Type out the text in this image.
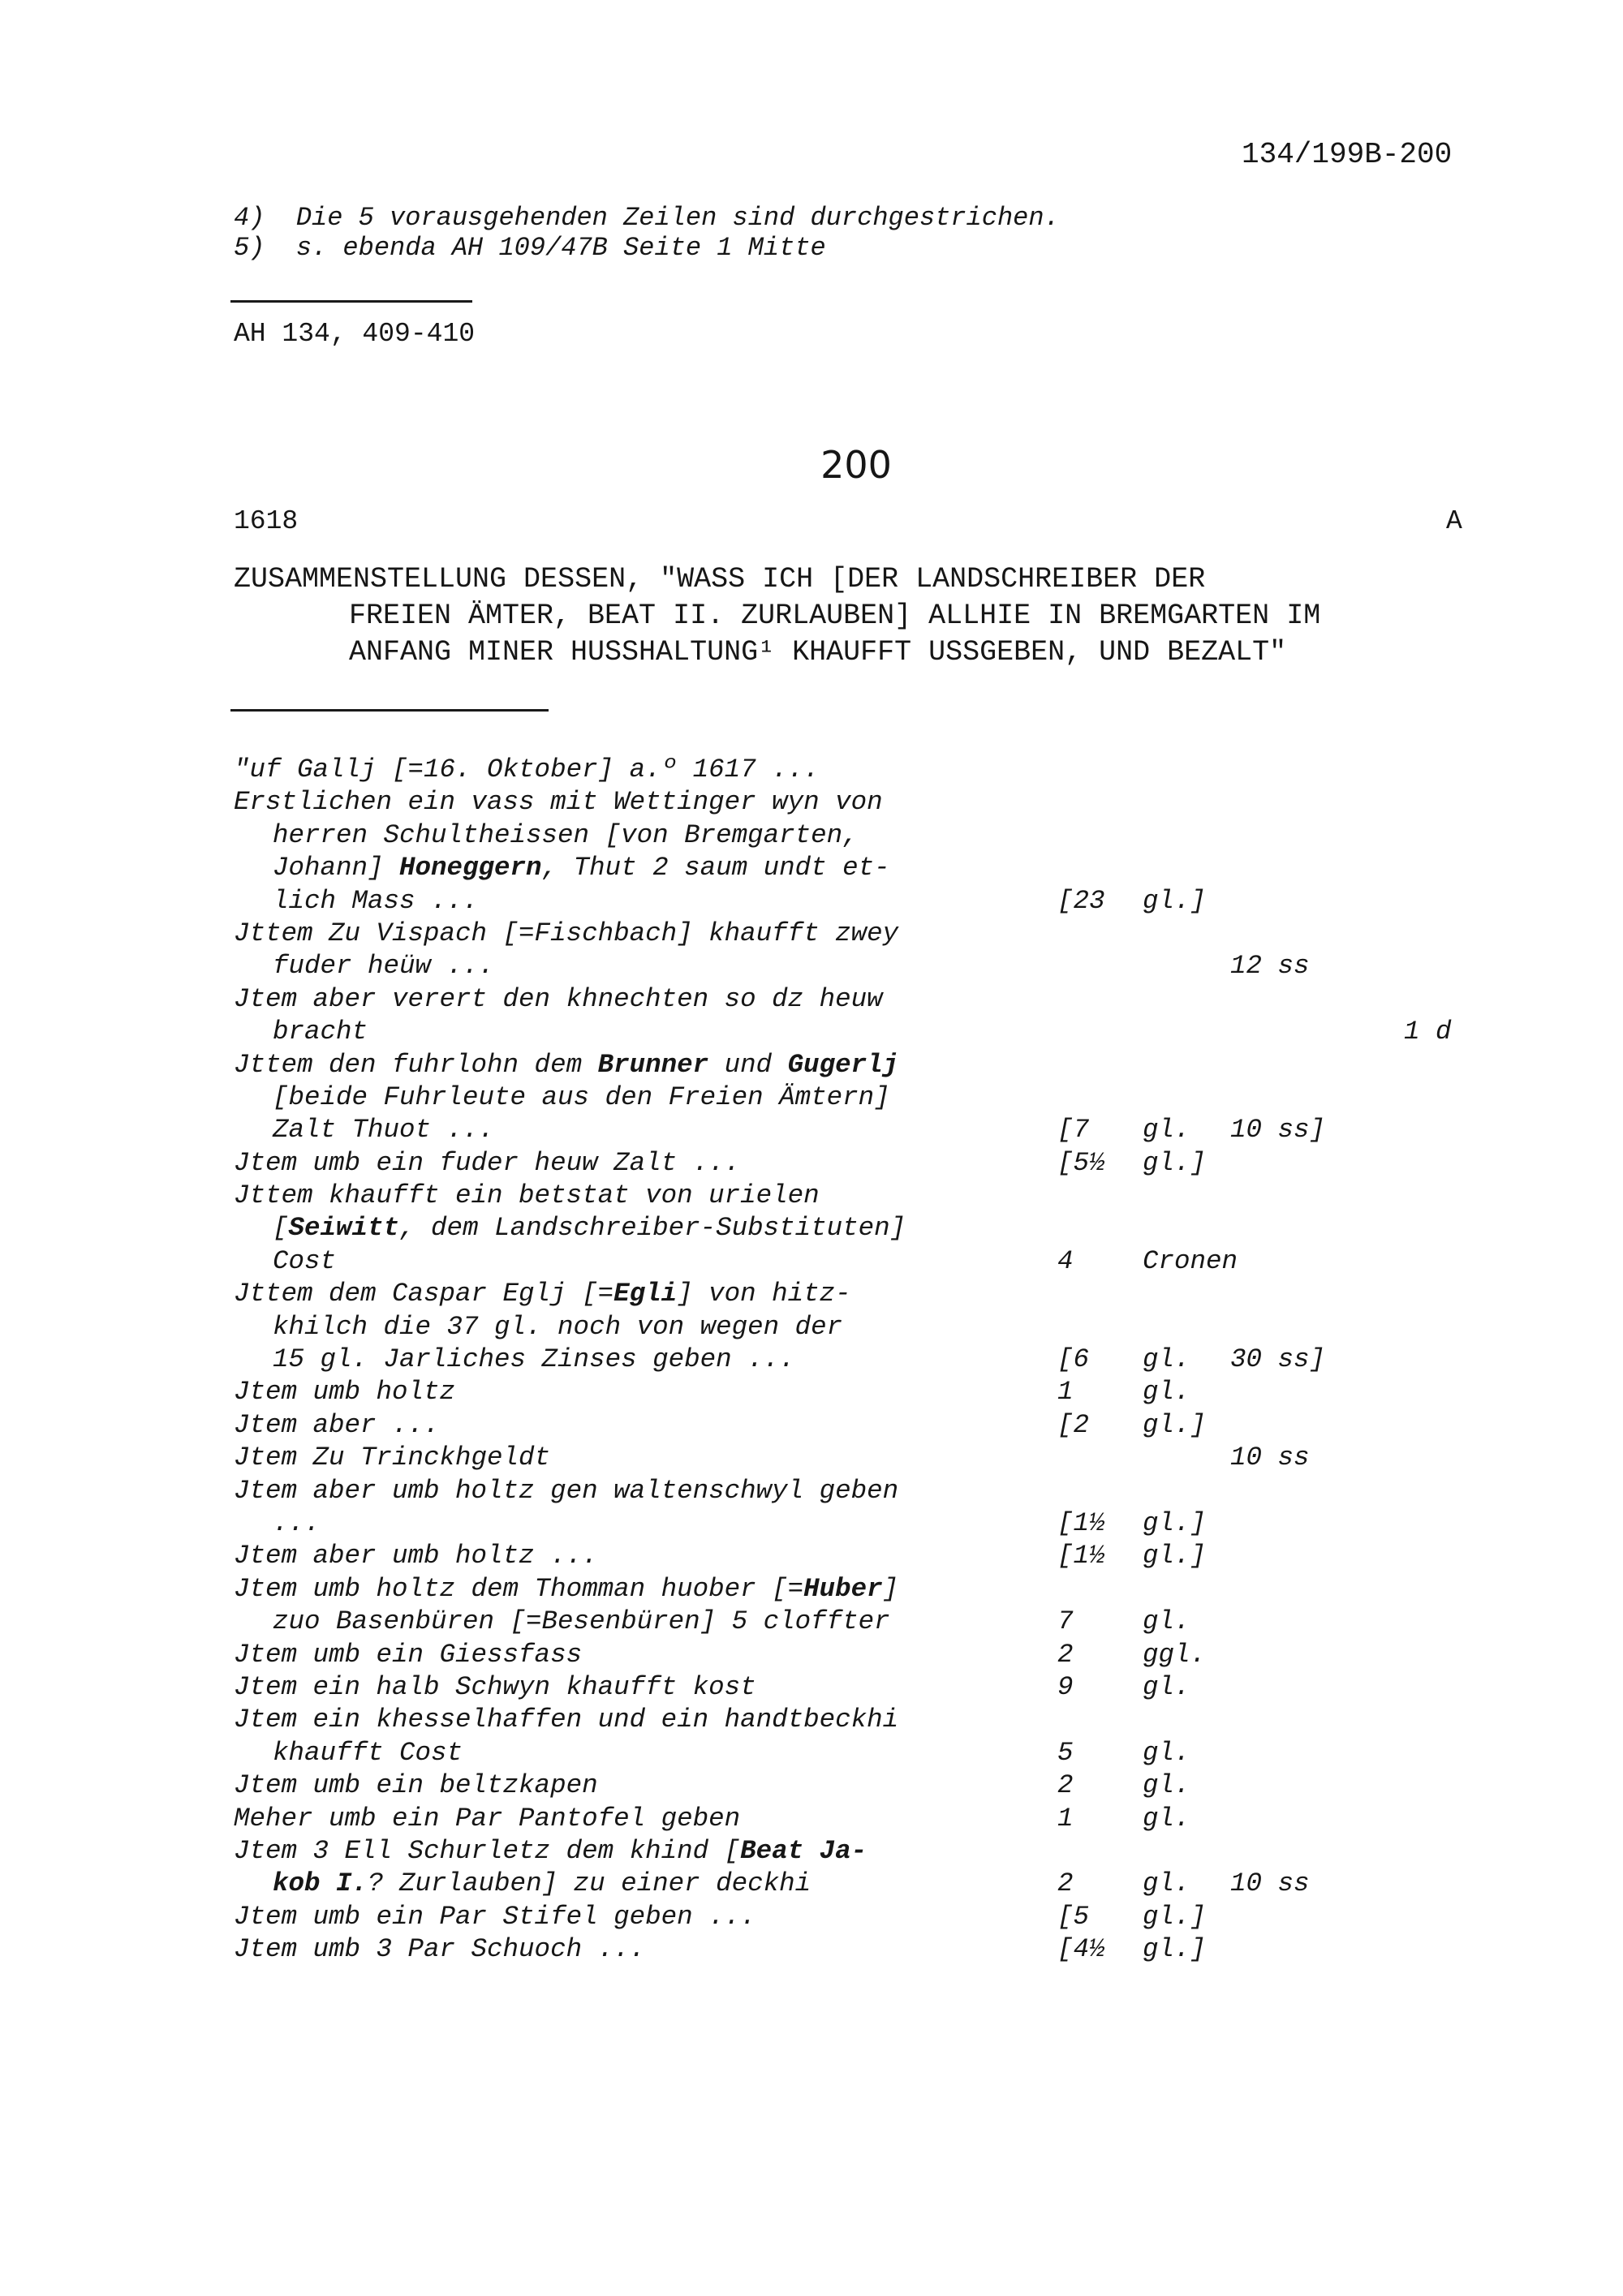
134/199B-200
4)  Die 5 vorausgehenden Zeilen sind durchgestrichen.
5)  s. ebenda AH 109/47B Seite 1 Mitte
AH 134, 409-410
200
1618	A
ZUSAMMENSTELLUNG DESSEN, "WASS ICH [DER LANDSCHREIBER DER
FREIEN ÄMTER, BEAT II. ZURLAUBEN] ALLHIE IN BREMGARTEN IM
ANFANG MINER HUSSHALTUNG¹ KHAUFFT USSGEBEN, UND BEZALT"
"uf Gallj [=16. Oktober] a.º 1617 ...
Erstlichen ein vass mit Wettinger wyn von
herren Schultheissen [von Bremgarten,
Johann] Honeggern, Thut 2 saum undt et-
lich Mass ...	[23 gl.]
Jttem Zu Vispach [=Fischbach] khaufft zwey
fuder heüw ...	12 ss
Jtem aber verert den khnechten so dz heuw
bracht	1 d
Jttem den fuhrlohn dem Brunner und Gugerlj
[beide Fuhrleute aus den Freien Ämtern]
Zalt Thuot ...	[7 gl. 10 ss]
Jtem umb ein fuder heuw Zalt ...	[5½ gl.]
Jttem khaufft ein betstat von urielen
[Seiwitt, dem Landschreiber-Substituten]
Cost	4	Cronen
Jttem dem Caspar Eglj [=Egli] von hitz-
khilch die 37 gl. noch von wegen der
15 gl. Jarliches Zinses geben ...	[6 gl. 30 ss]
Jtem umb holtz	1	gl.
Jtem aber ...	[2 gl.]
Jtem Zu Trinckhgeldt	10 ss
Jtem aber umb holtz gen waltenschwyl geben
...	[1½ gl.]
Jtem aber umb holtz ...	[1½ gl.]
Jtem umb holtz dem Thomman huober [=Huber]
zuo Basenbüren [=Besenbüren] 5 cloffter	7	gl.
Jtem umb ein Giessfass	2	ggl.
Jtem ein halb Schwyn khaufft kost	9	gl.
Jtem ein khesselhaffen und ein handtbeckhi
khaufft Cost	5	gl.
Jtem umb ein beltzkapen	2	gl.
Meher umb ein Par Pantofel geben	1	gl.
Jtem 3 Ell Schurletz dem khind [Beat Ja-
kob I.? Zurlauben] zu einer deckhi	2	gl. 10 ss
Jtem umb ein Par Stifel geben ...	[5 gl.]
Jtem umb 3 Par Schuoch ...	[4½ gl.]
